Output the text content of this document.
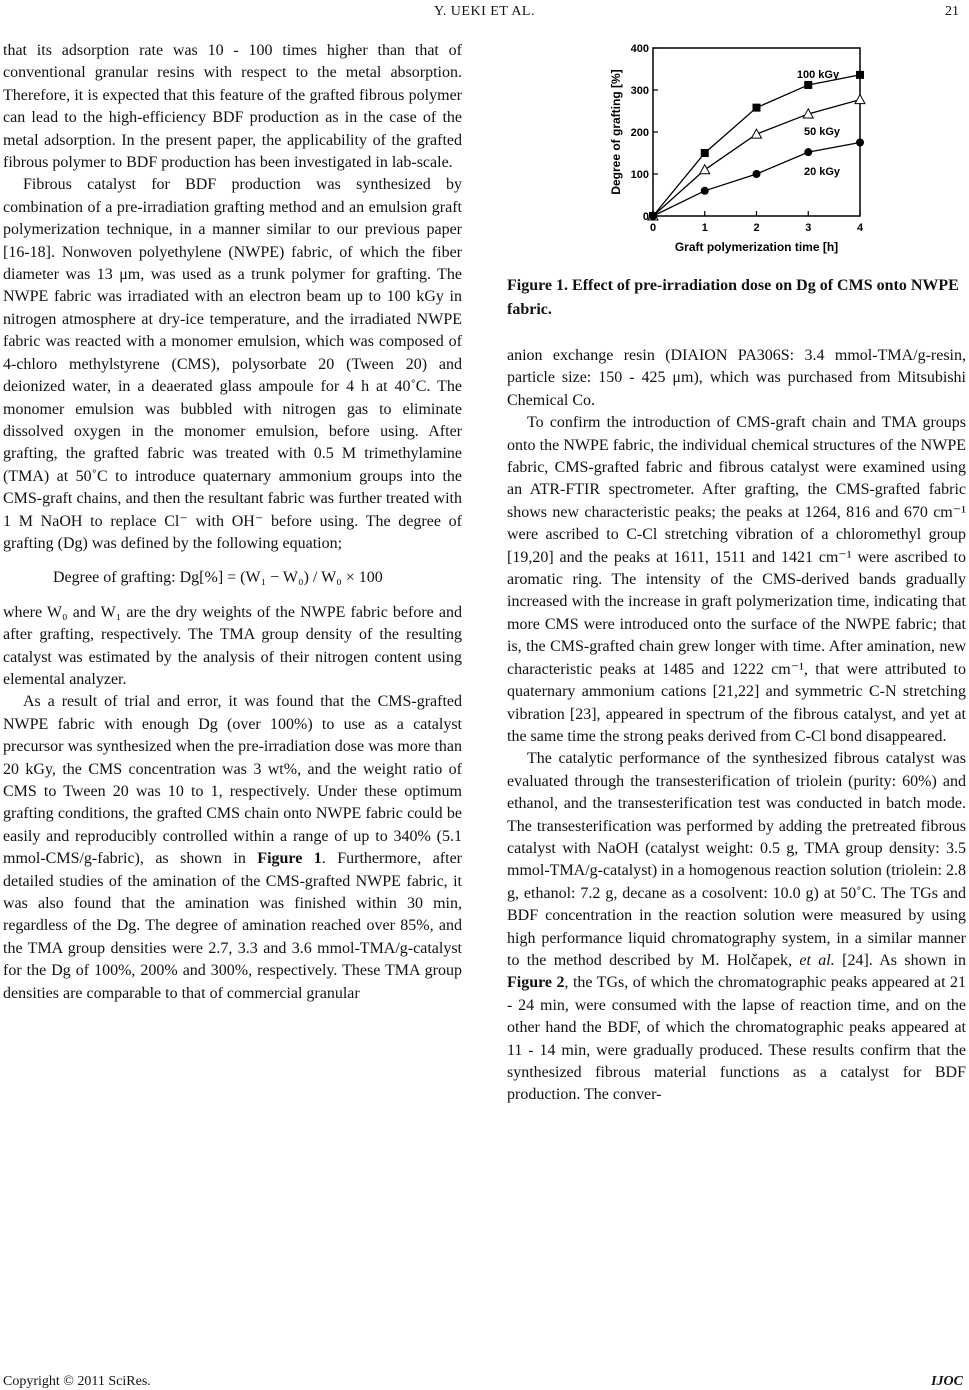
Y. UEKI ET AL.	21

that its adsorption rate was 10 - 100 times higher than that of conventional granular resins with respect to the metal absorption. Therefore, it is expected that this feature of the grafted fibrous polymer can lead to the high-efficiency BDF production as in the case of the metal adsorption. In the present paper, the applicability of the grafted fibrous polymer to BDF production has been investigated in lab-scale.

Fibrous catalyst for BDF production was synthesized by combination of a pre-irradiation grafting method and an emulsion graft polymerization technique, in a manner similar to our previous paper [16-18]. Nonwoven polyethylene (NWPE) fabric, of which the fiber diameter was 13 μm, was used as a trunk polymer for grafting. The NWPE fabric was irradiated with an electron beam up to 100 kGy in nitrogen atmosphere at dry-ice temperature, and the irradiated NWPE fabric was reacted with a monomer emulsion, which was composed of 4-chloro methylstyrene (CMS), polysorbate 20 (Tween 20) and deionized water, in a deaerated glass ampoule for 4 h at 40˚C. The monomer emulsion was bubbled with nitrogen gas to eliminate dissolved oxygen in the monomer emulsion, before using. After grafting, the grafted fabric was treated with 0.5 M trimethylamine (TMA) at 50˚C to introduce quaternary ammonium groups into the CMS-graft chains, and then the resultant fabric was further treated with 1 M NaOH to replace Cl⁻ with OH⁻ before using. The degree of grafting (Dg) was defined by the following equation;

Degree of grafting: Dg[%] = (W₁ − W₀) / W₀ × 100

where W₀ and W₁ are the dry weights of the NWPE fabric before and after grafting, respectively. The TMA group density of the resulting catalyst was estimated by the analysis of their nitrogen content using elemental analyzer.

As a result of trial and error, it was found that the CMS-grafted NWPE fabric with enough Dg (over 100%) to use as a catalyst precursor was synthesized when the pre-irradiation dose was more than 20 kGy, the CMS concentration was 3 wt%, and the weight ratio of CMS to Tween 20 was 10 to 1, respectively. Under these optimum grafting conditions, the grafted CMS chain onto NWPE fabric could be easily and reproducibly controlled within a range of up to 340% (5.1 mmol-CMS/g-fabric), as shown in Figure 1. Furthermore, after detailed studies of the amination of the CMS-grafted NWPE fabric, it was also found that the amination was finished within 30 min, regardless of the Dg. The degree of amination reached over 85%, and the TMA group densities were 2.7, 3.3 and 3.6 mmol-TMA/g-catalyst for the Dg of 100%, 200% and 300%, respectively. These TMA group densities are comparable to that of commercial granular

0
100
200
300
400
0	1	2	3	4
Graft polymerization time [h]
Degree of grafting [%]	100 kGy
50 kGy
20 kGy
Figure 1. Effect of pre-irradiation dose on Dg of CMS onto NWPE fabric.

anion exchange resin (DIAION PA306S: 3.4 mmol-TMA/g-resin, particle size: 150 - 425 μm), which was purchased from Mitsubishi Chemical Co.

To confirm the introduction of CMS-graft chain and TMA groups onto the NWPE fabric, the individual chemical structures of the NWPE fabric, CMS-grafted fabric and fibrous catalyst were examined using an ATR-FTIR spectrometer. After grafting, the CMS-grafted fabric shows new characteristic peaks; the peaks at 1264, 816 and 670 cm⁻¹ were ascribed to C-Cl stretching vibration of a chloromethyl group [19,20] and the peaks at 1611, 1511 and 1421 cm⁻¹ were ascribed to aromatic ring. The intensity of the CMS-derived bands gradually increased with the increase in graft polymerization time, indicating that more CMS were introduced onto the surface of the NWPE fabric; that is, the CMS-grafted chain grew longer with time. After amination, new characteristic peaks at 1485 and 1222 cm⁻¹, that were attributed to quaternary ammonium cations [21,22] and symmetric C-N stretching vibration [23], appeared in spectrum of the fibrous catalyst, and yet at the same time the strong peaks derived from C-Cl bond disappeared.

The catalytic performance of the synthesized fibrous catalyst was evaluated through the transesterification of triolein (purity: 60%) and ethanol, and the transesterification test was conducted in batch mode. The transesterification was performed by adding the pretreated fibrous catalyst with NaOH (catalyst weight: 0.5 g, TMA group density: 3.5 mmol-TMA/g-catalyst) in a homogenous reaction solution (triolein: 2.8 g, ethanol: 7.2 g, decane as a cosolvent: 10.0 g) at 50˚C. The TGs and BDF concentration in the reaction solution were measured by using high performance liquid chromatography system, in a similar manner to the method described by M. Holčapek, et al. [24]. As shown in Figure 2, the TGs, of which the chromatographic peaks appeared at 21 - 24 min, were consumed with the lapse of reaction time, and on the other hand the BDF, of which the chromatographic peaks appeared at 11 - 14 min, were gradually produced. These results confirm that the synthesized fibrous material functions as a catalyst for BDF production. The conver-

Copyright © 2011 SciRes.	IJOC
